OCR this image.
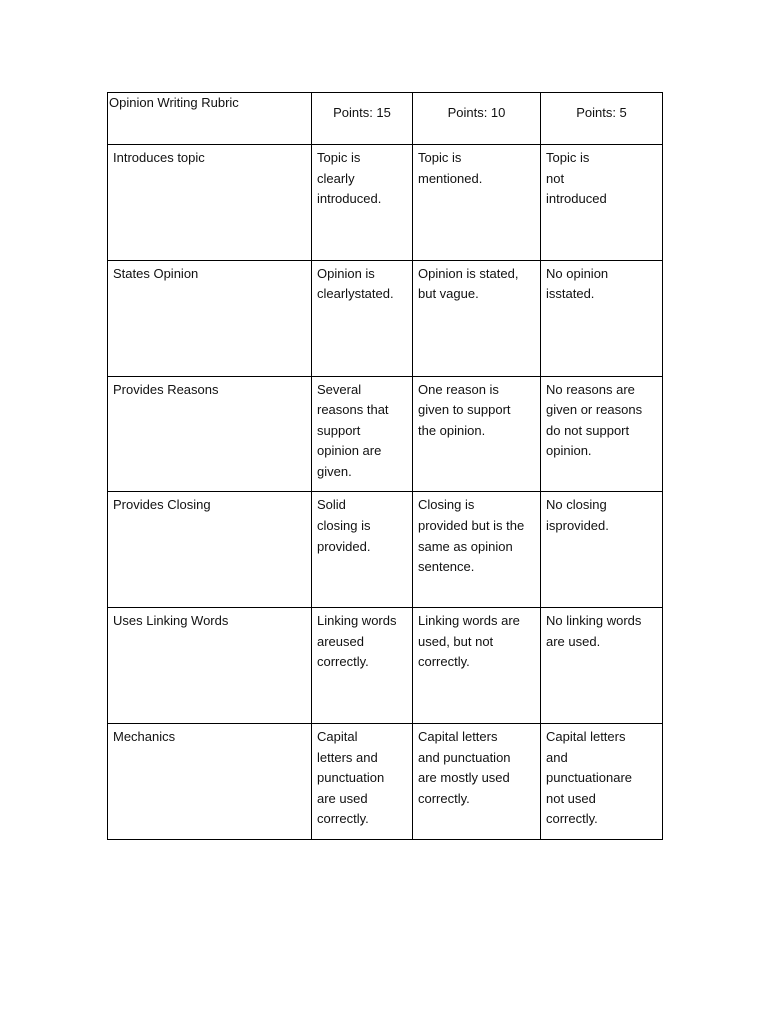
Opinion Writing Rubric	Points: 15	Points: 10	Points: 5

Introduces topic	Topic is
clearly
introduced.	Topic is
mentioned.	Topic is
not
introduced

States Opinion	Opinion is
clearlystated.	Opinion is stated,
but vague.	No opinion
isstated.

Provides Reasons	Several
reasons that
support
opinion are
given.	One reason is
given to support
the opinion.	No reasons are
given or reasons
do not support
opinion.

Provides Closing	Solid
closing is
provided.	Closing is
provided but is the
same as opinion
sentence.	No closing
isprovided.

Uses Linking Words	Linking words
areused
correctly.	Linking words are
used, but not
correctly.	No linking words
are used.

Mechanics	Capital
letters and
punctuation
are used
correctly.	Capital letters
and punctuation
are mostly used
correctly.	Capital letters
and
punctuationare
not used
correctly.
